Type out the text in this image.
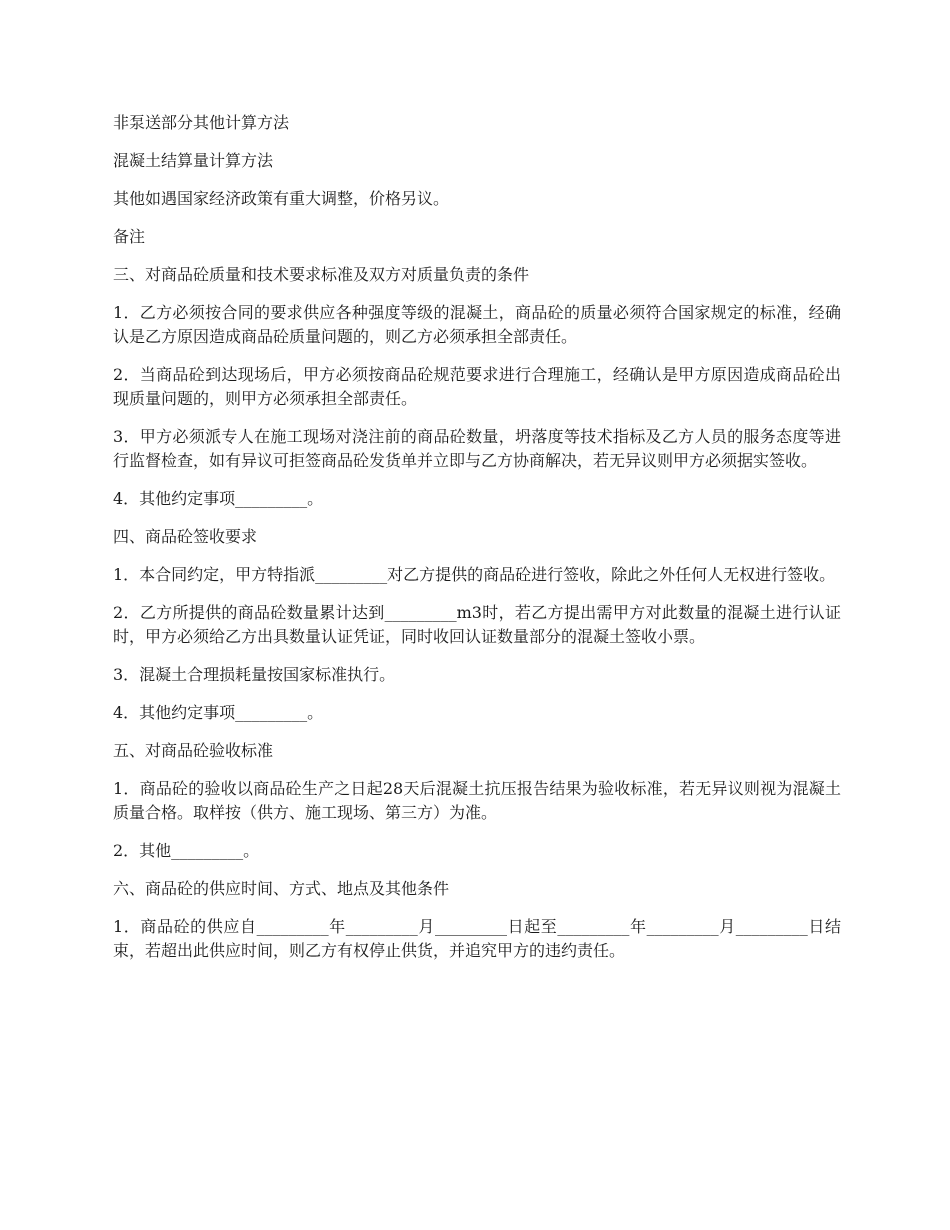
非泵送部分其他计算方法

混凝土结算量计算方法

其他如遇国家经济政策有重大调整，价格另议。

备注

三、对商品砼质量和技术要求标准及双方对质量负责的条件

1．乙方必须按合同的要求供应各种强度等级的混凝土，商品砼的质量必须符合国家规定的标准，经确认是乙方原因造成商品砼质量问题的，则乙方必须承担全部责任。

2．当商品砼到达现场后，甲方必须按商品砼规范要求进行合理施工，经确认是甲方原因造成商品砼出现质量问题的，则甲方必须承担全部责任。

3．甲方必须派专人在施工现场对浇注前的商品砼数量，坍落度等技术指标及乙方人员的服务态度等进行监督检查，如有异议可拒签商品砼发货单并立即与乙方协商解决，若无异议则甲方必须据实签收。

4．其他约定事项_________。

四、商品砼签收要求

1．本合同约定，甲方特指派_________对乙方提供的商品砼进行签收，除此之外任何人无权进行签收。

2．乙方所提供的商品砼数量累计达到_________m3时，若乙方提出需甲方对此数量的混凝土进行认证时，甲方必须给乙方出具数量认证凭证，同时收回认证数量部分的混凝土签收小票。

3．混凝土合理损耗量按国家标准执行。

4．其他约定事项_________。

五、对商品砼验收标准

1．商品砼的验收以商品砼生产之日起28天后混凝土抗压报告结果为验收标准，若无异议则视为混凝土质量合格。取样按（供方、施工现场、第三方）为准。

2．其他_________。

六、商品砼的供应时间、方式、地点及其他条件

1．商品砼的供应自_________年_________月_________日起至_________年_________月_________日结束，若超出此供应时间，则乙方有权停止供货，并追究甲方的违约责任。
